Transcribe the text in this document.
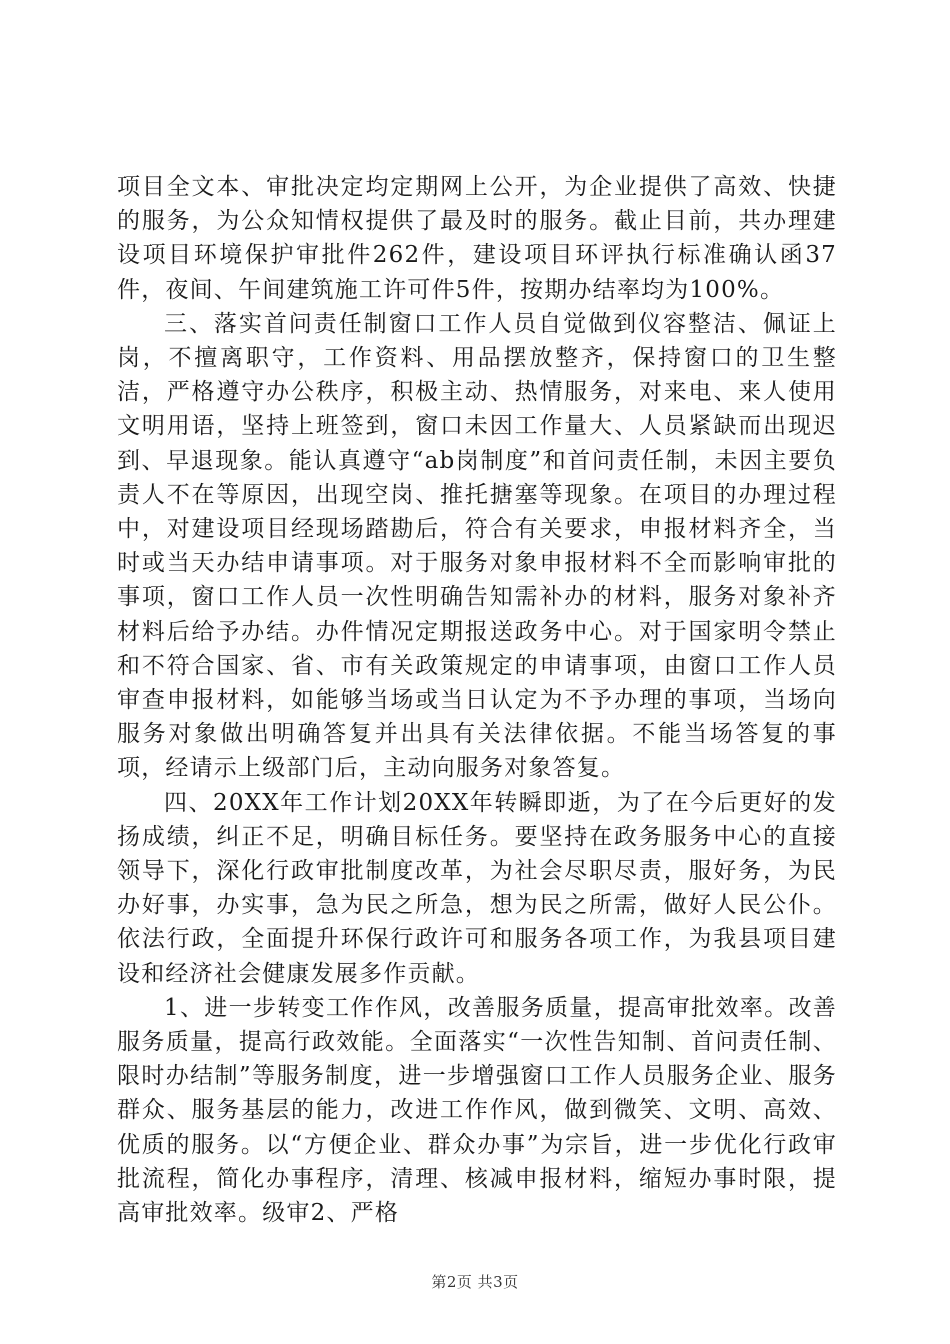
项目全文本、审批决定均定期网上公开，为企业提供了高效、快捷的服务，为公众知情权提供了最及时的服务。截止目前，共办理建设项目环境保护审批件262件，建设项目环评执行标准确认函37件，夜间、午间建筑施工许可件5件，按期办结率均为100%。

三、落实首问责任制窗口工作人员自觉做到仪容整洁、佩证上岗，不擅离职守，工作资料、用品摆放整齐，保持窗口的卫生整洁，严格遵守办公秩序，积极主动、热情服务，对来电、来人使用文明用语，坚持上班签到，窗口未因工作量大、人员紧缺而出现迟到、早退现象。能认真遵守“ab岗制度”和首问责任制，未因主要负责人不在等原因，出现空岗、推托搪塞等现象。在项目的办理过程中，对建设项目经现场踏勘后，符合有关要求，申报材料齐全，当时或当天办结申请事项。对于服务对象申报材料不全而影响审批的事项，窗口工作人员一次性明确告知需补办的材料，服务对象补齐材料后给予办结。办件情况定期报送政务中心。对于国家明令禁止和不符合国家、省、市有关政策规定的申请事项，由窗口工作人员审查申报材料，如能够当场或当日认定为不予办理的事项，当场向服务对象做出明确答复并出具有关法律依据。不能当场答复的事项，经请示上级部门后，主动向服务对象答复。

四、20XX年工作计划20XX年转瞬即逝，为了在今后更好的发扬成绩，纠正不足，明确目标任务。要坚持在政务服务中心的直接领导下，深化行政审批制度改革，为社会尽职尽责，服好务，为民办好事，办实事，急为民之所急，想为民之所需，做好人民公仆。依法行政，全面提升环保行政许可和服务各项工作，为我县项目建设和经济社会健康发展多作贡献。

1、进一步转变工作作风，改善服务质量，提高审批效率。改善服务质量，提高行政效能。全面落实“一次性告知制、首问责任制、限时办结制”等服务制度，进一步增强窗口工作人员服务企业、服务群众、服务基层的能力，改进工作作风，做到微笑、文明、高效、优质的服务。以“方便企业、群众办事”为宗旨，进一步优化行政审批流程，简化办事程序，清理、核减申报材料，缩短办事时限，提高审批效率。级审2、严格

第2页 共3页
